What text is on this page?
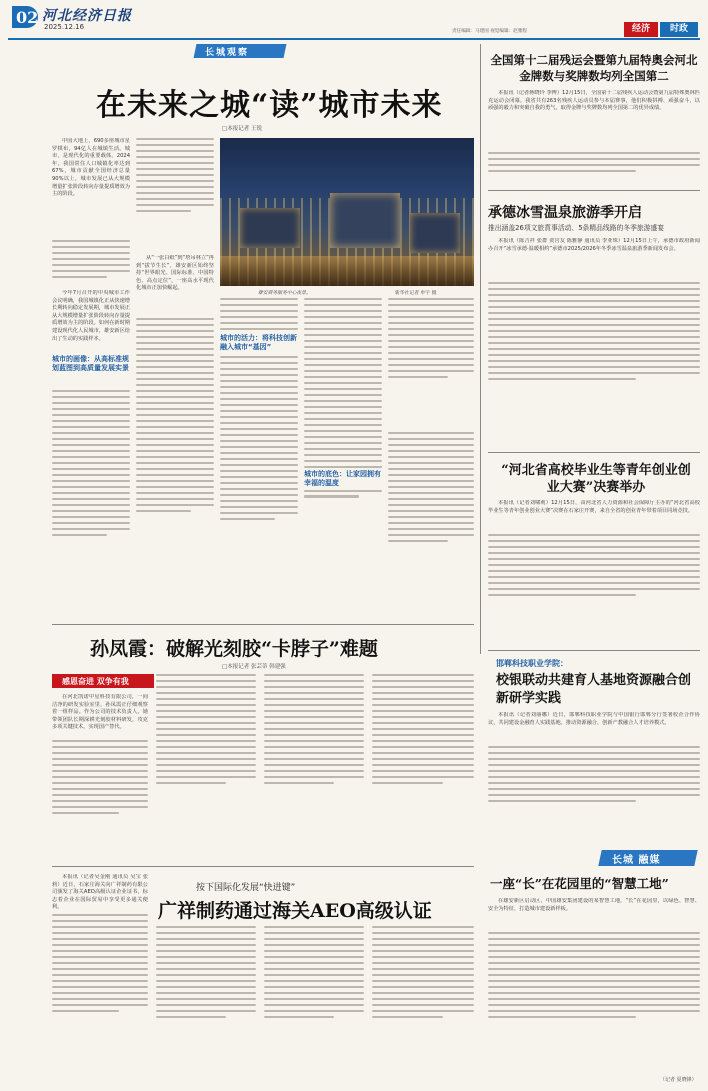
02 河北经济日报
2025.12.16
责任编辑：马建国 视觉编辑：赵雅程	经济	时政
长城观察
在未来之城“读”城市未来
□本报记者 王锐

中国大地上，690多座城市星罗棋布，94亿人在城镇生活。城市，是现代化的重要载体。2024年，我国常住人口城镇化率达到67%，城市贡献全国经济总量90%以上，城市发展已从大规模增量扩张阶段转向存量提质增效为主的阶段。

今年7月召开的中央城市工作会议明确，我国城镇化正从快速增长期转向稳定发展期，城市发展正从大规模增量扩张阶段转向存量提质增效为主的阶段。如何在新时期建设现代化人民城市，雄安新区给出了生动的实践样本。

城市的画像：从高标准规划蓝图到高质量发展实景

从“一张白纸”到“塔吊林立”再到“拔节生长”，雄安新区始终坚持“世界眼光、国际标准、中国特色、高点定位”，一座高水平现代化城市正加快崛起。

雄安商务服务中心夜景。	新华社记者 牟宇 摄
城市的活力：将科技创新融入城市“基因”
城市的底色：让家园拥有幸福的温度
全国第十二届残运会暨第九届特奥会河北金牌数与奖牌数均列全国第二

本报讯（记者蒋晓玲 李博）12月15日，全国第十二届残疾人运动会暨第九届特殊奥林匹克运动会闭幕。我省共有263名残疾人运动员参与本届赛事，他们积极拼搏、顽强奋斗，以顽强的毅力和突破自我的勇气，取得金牌与奖牌数均列全国第二的优异成绩。

承德冰雪温泉旅游季开启
推出涵盖26项文旅賁事活动、5条精品线路的冬季旅游盛宴

本报讯（陈吉祥 张群 贾宫友 陈雅静 通讯员 李亚珠）12月15日上午，承德市政府新闻办召开“冰雪承德·温暖相约”承德市2025/2026年冬季冰雪温泉旅游季新闻发布会。

“河北省高校毕业生等青年创业创业大赛”决赛举办

本报讯（记者刘啸莉）12月15日，由河北省人力资源和社会保障厅主办的“河北省高校毕业生等青年创业创业大赛”决赛在石家庄开赛，来自全省的创业青年带着项目同场竞技。

邯郸科技职业学院：
校银联动共建育人基地资源融合创新研学实践

本报讯（记者刘丽娜）近日，邯郸科技职业学院与中国银行邯郸分行签署校企合作协议，共同建设金融育人实践基地，推动资源融合，创新产教融合人才培养模式。

长城 融媒
一座“长”在花园里的“智慧工地”

在雄安新区启动区，中国雄安集团建设的某智慧工地，“长”在花园里，以绿色、智慧、安全为特征，打造城市建设新样板。

（记者 夏晓锋）
孙凤霞：破解光刻胶“卡脖子”难题
□本报记者 张芸蒂 韩建强
感恩奋进 双争有我

在河北凯诺中星科技有限公司，一间洁净的研发实验室里，孙凤霞正仔细观察着一组样品。作为公司的技术负责人，她带领团队长期深耕光刻胶材料研发，攻克多项关键技术，实现国产替代。

本报讯（记者吴金刚 通讯员 吴宝 张莉）近日，石家庄海关向广祥制药有限公司颁发了海关AEO高级认证企业证书，标志着企业在国际贸易中享受更多通关便利。

按下国际化发展“快进键”
广祥制药通过海关AEO高级认证
